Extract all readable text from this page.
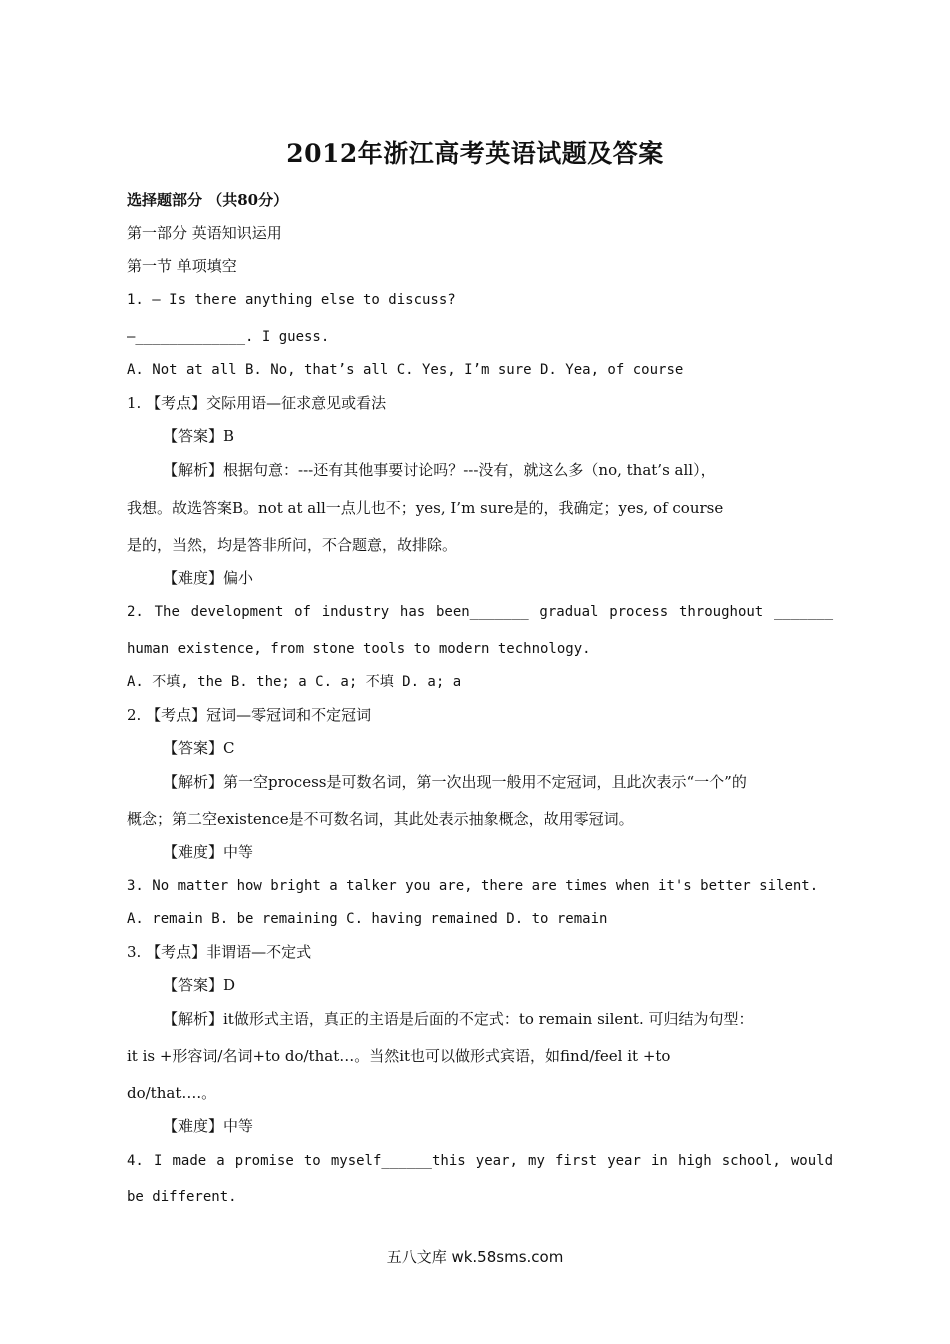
2012年浙江高考英语试题及答案
选择题部分 （共80分）
第一部分 英语知识运用
第一节 单项填空
1. — Is there anything else to discuss?
—_____________. I guess.
A. Not at all B. No, that’s all C. Yes, I’m sure D. Yea, of course
1. 【考点】交际用语—征求意见或看法
【答案】B
【解析】根据句意：---还有其他事要讨论吗？---没有，就这么多（no, that’s all），
我想。故选答案B。not at all一点儿也不；yes, I’m sure是的，我确定；yes, of course
是的，当然，均是答非所问，不合题意，故排除。
【难度】偏小
2. The development of industry has been_______ gradual process throughout _______
human existence, from stone tools to modern technology.
A. 不填, the B. the; a C. a; 不填 D. a; a
2. 【考点】冠词—零冠词和不定冠词
【答案】C
【解析】第一空process是可数名词，第一次出现一般用不定冠词，且此次表示“一个”的
概念；第二空existence是不可数名词，其此处表示抽象概念，故用零冠词。
【难度】中等
3. No matter how bright a talker you are, there are times when it's better silent.
A. remain B. be remaining C. having remained D. to remain
3. 【考点】非谓语—不定式
【答案】D
【解析】it做形式主语，真正的主语是后面的不定式：to remain silent. 可归结为句型：
it is +形容词/名词+to do/that…。当然it也可以做形式宾语，如find/feel it +to
do/that….。
【难度】中等
4. I made a promise to myself______this year, my first year in high school, would
be different.
五八文库 wk.58sms.com
